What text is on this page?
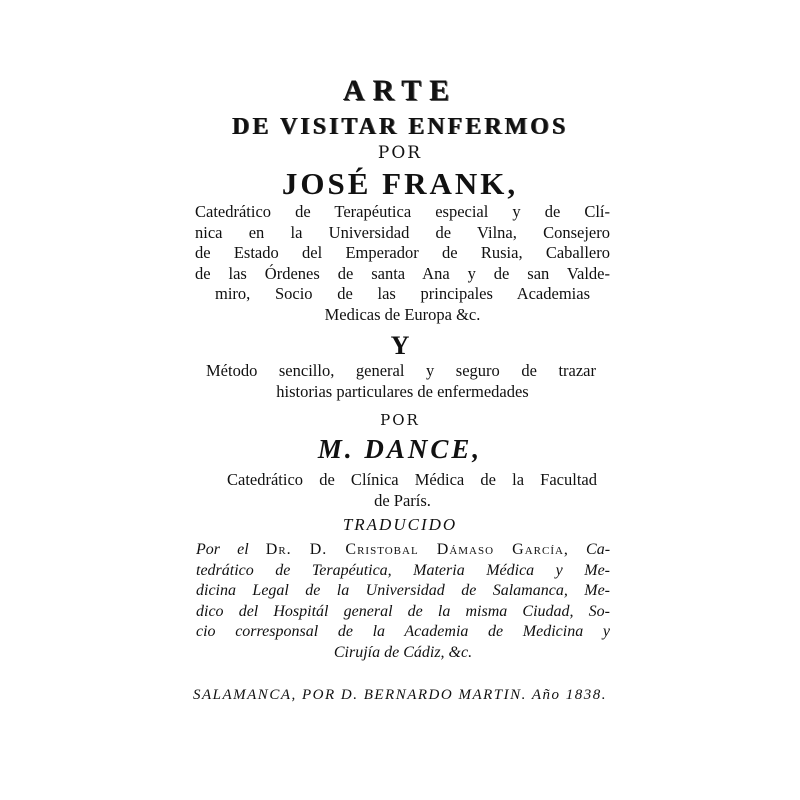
ARTE
DE VISITAR ENFERMOS
POR
JOSÉ FRANK,
Catedrático de Terapéutica especial y de Clí-
nica en la Universidad de Vilna, Consejero
de Estado del Emperador de Rusia, Caballero
de las Órdenes de santa Ana y de san Valde-
miro, Socio de las principales Academias
Medicas de Europa &c.
Y
Método sencillo, general y seguro de trazar
historias particulares de enfermedades
POR
M. DANCE,
Catedrático de Clínica Médica de la Facultad
de París.
TRADUCIDO
Por el Dr. D. Cristobal Dámaso García, Ca-
tedrático de Terapéutica, Materia Médica y Me-
dicina Legal de la Universidad de Salamanca, Me-
dico del Hospitál general de la misma Ciudad, So-
cio corresponsal de la Academia de Medicina y
Cirujía de Cádiz, &c.
SALAMANCA, POR D. BERNARDO MARTIN. Año 1838.
